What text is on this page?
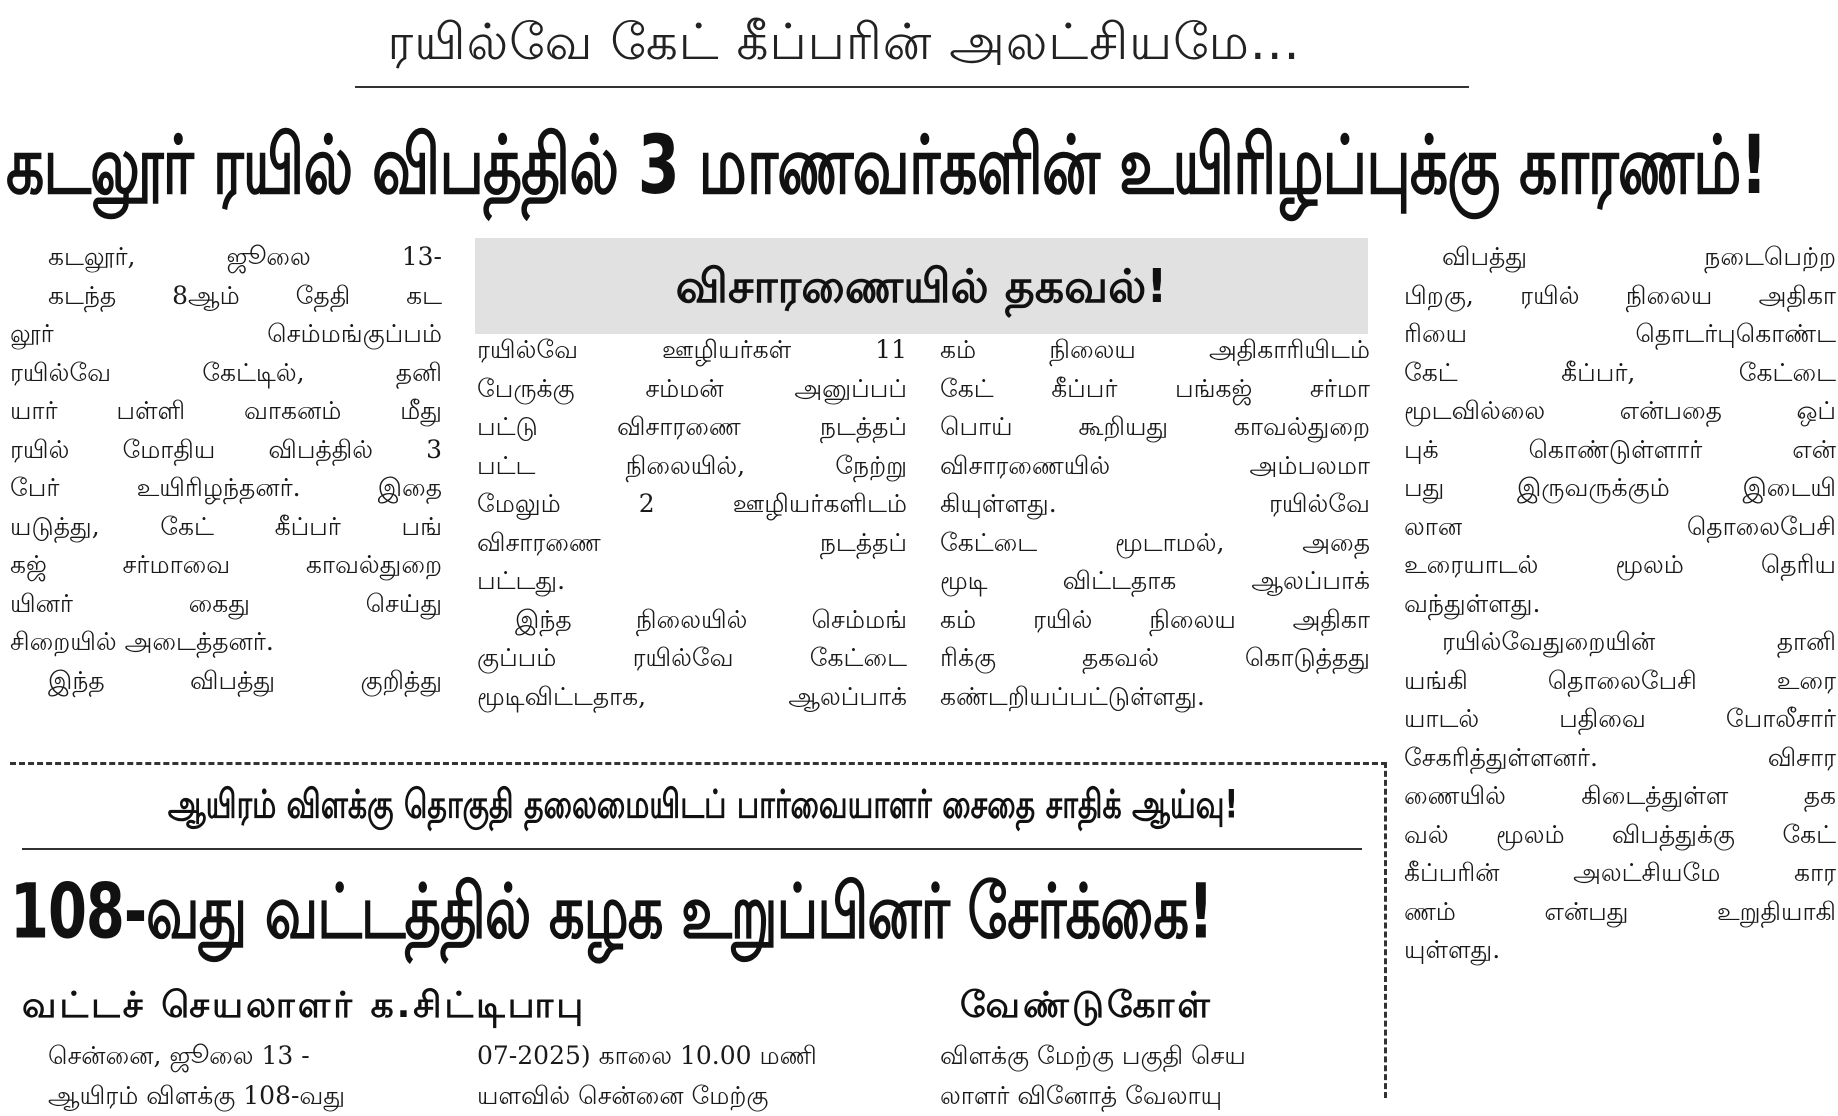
ரயில்வே கேட் கீப்பரின் அலட்சியமே...
கடலூர் ரயில் விபத்தில் 3 மாணவர்களின் உயிரிழப்புக்கு காரணம்!
விசாரணையில் தகவல்!

கடலூர், ஜூலை 13-

கடந்த 8ஆம் தேதி கட

லூர் செம்மங்குப்பம்

ரயில்வே கேட்டில், தனி

யார் பள்ளி வாகனம் மீது

ரயில் மோதிய விபத்தில் 3

பேர் உயிரிழந்தனர். இதை

யடுத்து, கேட் கீப்பர் பங்

கஜ் சர்மாவை காவல்துறை

யினர் கைது செய்து

சிறையில் அடைத்தனர்.

இந்த விபத்து குறித்து

ரயில்வே ஊழியர்கள் 11

பேருக்கு சம்மன் அனுப்பப்

பட்டு விசாரணை நடத்தப்

பட்ட நிலையில், நேற்று

மேலும் 2 ஊழியர்களிடம்

விசாரணை நடத்தப்

பட்டது.

இந்த நிலையில் செம்மங்

குப்பம் ரயில்வே கேட்டை

மூடிவிட்டதாக, ஆலப்பாக்

கம் நிலைய அதிகாரியிடம்

கேட் கீப்பர் பங்கஜ் சர்மா

பொய் கூறியது காவல்துறை

விசாரணையில் அம்பலமா

கியுள்ளது. ரயில்வே

கேட்டை மூடாமல், அதை

மூடி விட்டதாக ஆலப்பாக்

கம் ரயில் நிலைய அதிகா

ரிக்கு தகவல் கொடுத்தது

கண்டறியப்பட்டுள்ளது.

விபத்து நடைபெற்ற

பிறகு, ரயில் நிலைய அதிகா

ரியை தொடர்புகொண்ட

கேட் கீப்பர், கேட்டை

மூடவில்லை என்பதை ஒப்

புக் கொண்டுள்ளார் என்

பது இருவருக்கும் இடையி

லான தொலைபேசி

உரையாடல் மூலம் தெரிய

வந்துள்ளது.

ரயில்வேதுறையின் தானி

யங்கி தொலைபேசி உரை

யாடல் பதிவை போலீசார்

சேகரித்துள்ளனர். விசார

ணையில் கிடைத்துள்ள தக

வல் மூலம் விபத்துக்கு கேட்

கீப்பரின் அலட்சியமே கார

ணம் என்பது உறுதியாகி

யுள்ளது.

ஆயிரம் விளக்கு தொகுதி தலைமையிடப் பார்வையாளர் சைதை சாதிக் ஆய்வு!
108-வது வட்டத்தில் கழக உறுப்பினர் சேர்க்கை!
வட்டச் செயலாளர் க.சிட்டிபாபு	வேண்டுகோள்

சென்னை, ஜூலை 13 -

ஆயிரம் விளக்கு 108-வது

07-2025) காலை 10.00 மணி

யளவில் சென்னை மேற்கு

விளக்கு மேற்கு பகுதி செய

லாளர் வினோத் வேலாயு
